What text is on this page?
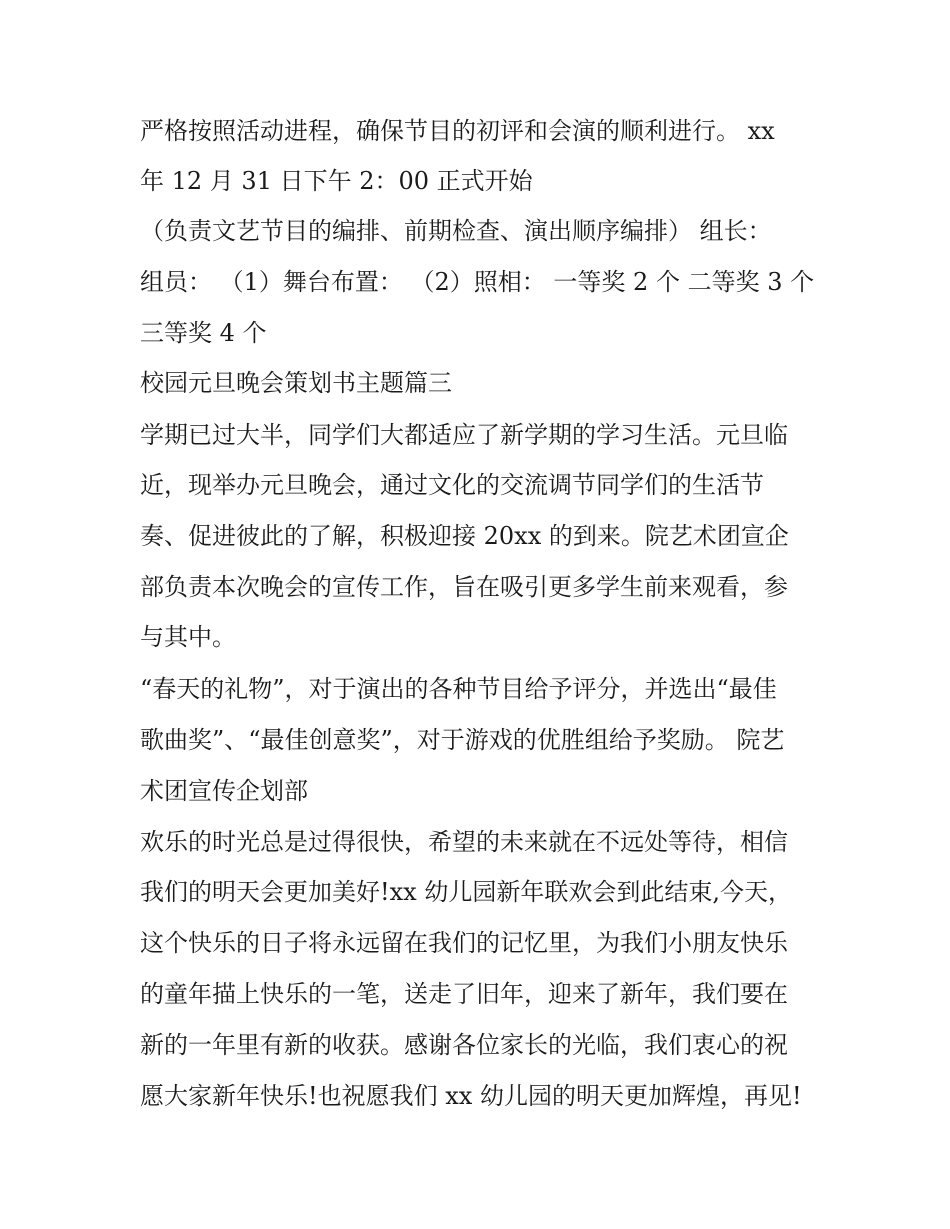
严格按照活动进程，确保节目的初评和会演的顺利进行。 xx
年 12 月 31 日下午 2：00 正式开始
（负责文艺节目的编排、前期检查、演出顺序编排） 组长：
组员： （1）舞台布置： （2）照相： 一等奖 2 个 二等奖 3 个
三等奖 4 个
校园元旦晚会策划书主题篇三
学期已过大半，同学们大都适应了新学期的学习生活。元旦临
近，现举办元旦晚会，通过文化的交流调节同学们的生活节
奏、促进彼此的了解，积极迎接 20xx 的到来。院艺术团宣企
部负责本次晚会的宣传工作，旨在吸引更多学生前来观看，参
与其中。
“春天的礼物”，对于演出的各种节目给予评分，并选出“最佳
歌曲奖”、“最佳创意奖”，对于游戏的优胜组给予奖励。 院艺
术团宣传企划部
欢乐的时光总是过得很快，希望的未来就在不远处等待，相信
我们的明天会更加美好!xx 幼儿园新年联欢会到此结束,今天，
这个快乐的日子将永远留在我们的记忆里，为我们小朋友快乐
的童年描上快乐的一笔，送走了旧年，迎来了新年，我们要在
新的一年里有新的收获。感谢各位家长的光临，我们衷心的祝
愿大家新年快乐!也祝愿我们 xx 幼儿园的明天更加辉煌，再见!
